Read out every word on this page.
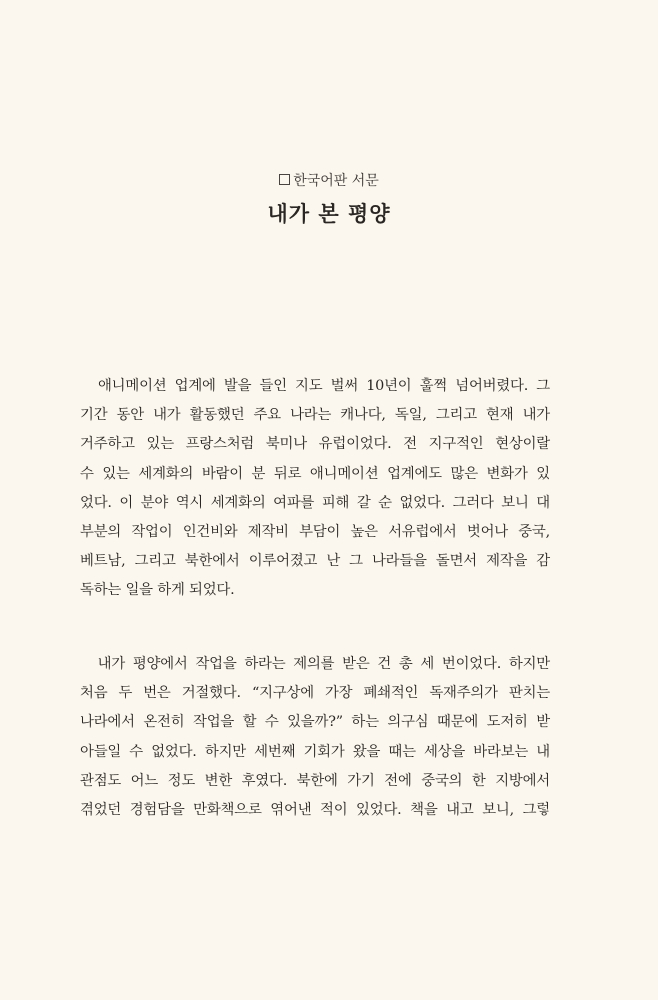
한국어판 서문
내가 본 평양
　애니메이션 업계에 발을 들인 지도 벌써 10년이 훌쩍 넘어버렸다. 그
기간 동안 내가 활동했던 주요 나라는 캐나다, 독일, 그리고 현재 내가
거주하고 있는 프랑스처럼 북미나 유럽이었다. 전 지구적인 현상이랄
수 있는 세계화의 바람이 분 뒤로 애니메이션 업계에도 많은 변화가 있
었다. 이 분야 역시 세계화의 여파를 피해 갈 순 없었다. 그러다 보니 대
부분의 작업이 인건비와 제작비 부담이 높은 서유럽에서 벗어나 중국,
베트남, 그리고 북한에서 이루어졌고 난 그 나라들을 돌면서 제작을 감
독하는 일을 하게 되었다.
　내가 평양에서 작업을 하라는 제의를 받은 건 총 세 번이었다. 하지만
처음 두 번은 거절했다. “지구상에 가장 폐쇄적인 독재주의가 판치는
나라에서 온전히 작업을 할 수 있을까?” 하는 의구심 때문에 도저히 받
아들일 수 없었다. 하지만 세번째 기회가 왔을 때는 세상을 바라보는 내
관점도 어느 정도 변한 후였다. 북한에 가기 전에 중국의 한 지방에서
겪었던 경험담을 만화책으로 엮어낸 적이 있었다. 책을 내고 보니, 그렇
